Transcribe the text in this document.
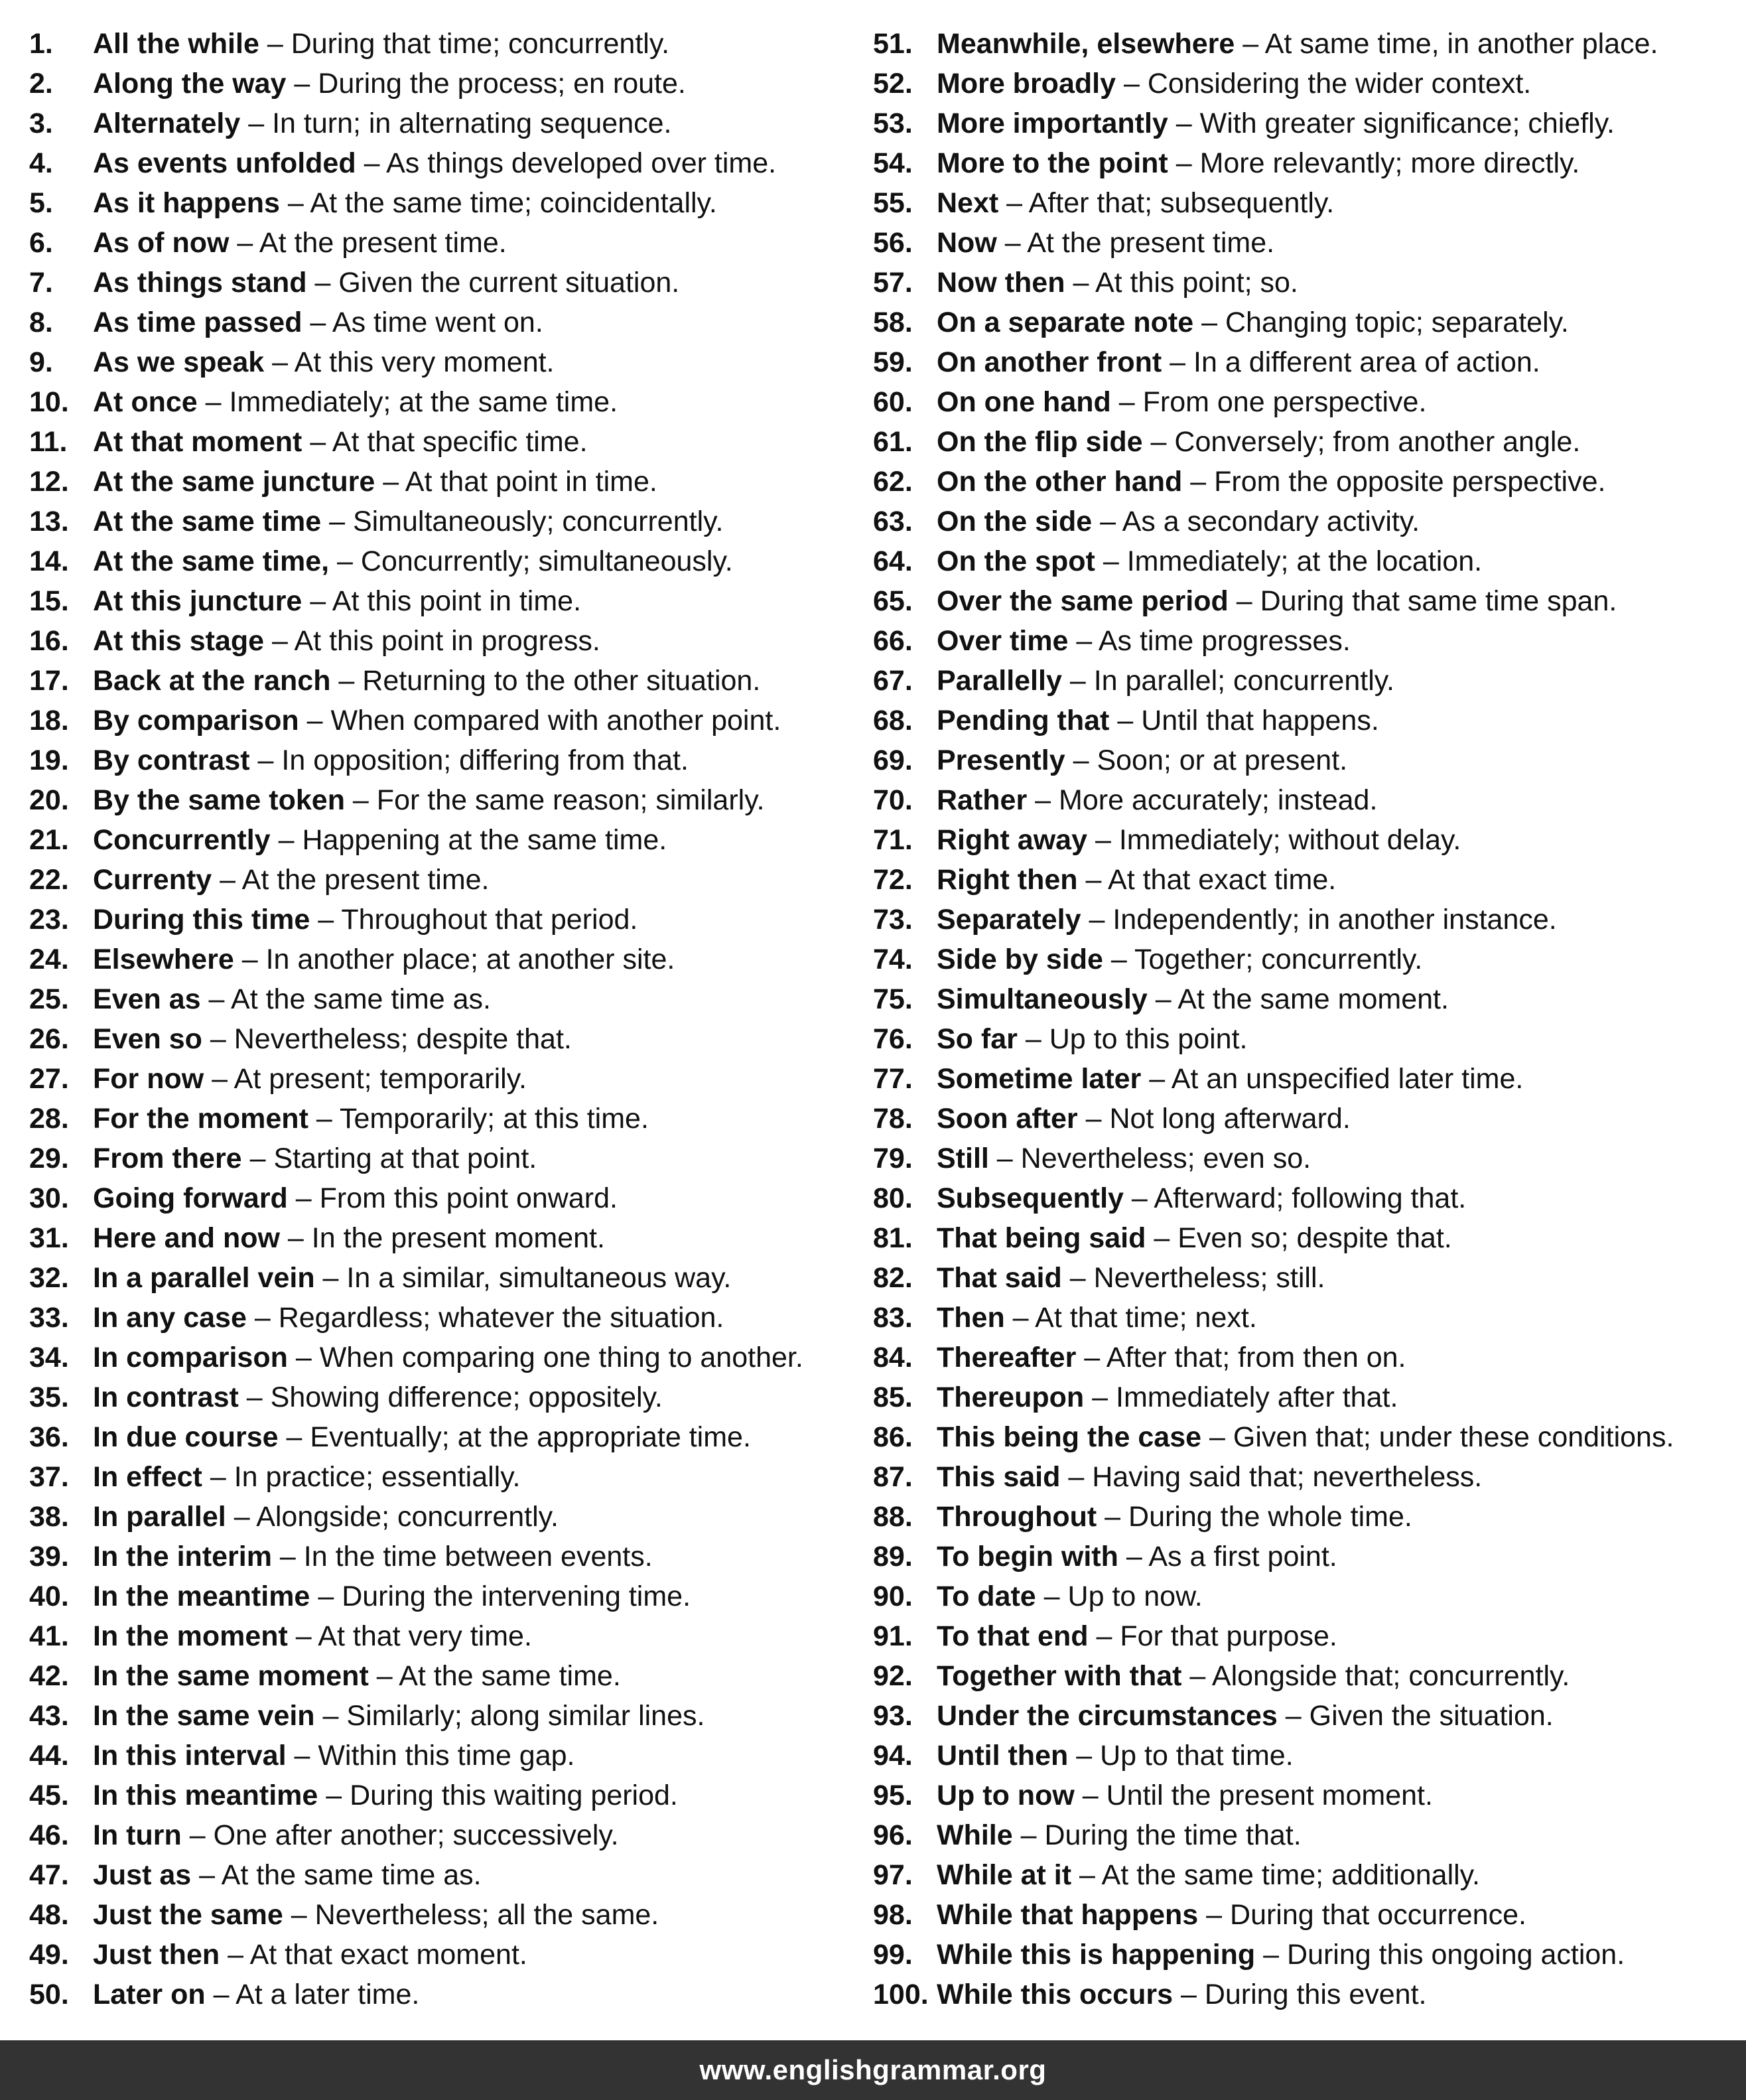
1. All the while – During that time; concurrently.
2. Along the way – During the process; en route.
3. Alternately – In turn; in alternating sequence.
4. As events unfolded – As things developed over time.
5. As it happens – At the same time; coincidentally.
6. As of now – At the present time.
7. As things stand – Given the current situation.
8. As time passed – As time went on.
9. As we speak – At this very moment.
10. At once – Immediately; at the same time.
11. At that moment – At that specific time.
12. At the same juncture – At that point in time.
13. At the same time – Simultaneously; concurrently.
14. At the same time, – Concurrently; simultaneously.
15. At this juncture – At this point in time.
16. At this stage – At this point in progress.
17. Back at the ranch – Returning to the other situation.
18. By comparison – When compared with another point.
19. By contrast – In opposition; differing from that.
20. By the same token – For the same reason; similarly.
21. Concurrently – Happening at the same time.
22. Currenty – At the present time.
23. During this time – Throughout that period.
24. Elsewhere – In another place; at another site.
25. Even as – At the same time as.
26. Even so – Nevertheless; despite that.
27. For now – At present; temporarily.
28. For the moment – Temporarily; at this time.
29. From there – Starting at that point.
30. Going forward – From this point onward.
31. Here and now – In the present moment.
32. In a parallel vein – In a similar, simultaneous way.
33. In any case – Regardless; whatever the situation.
34. In comparison – When comparing one thing to another.
35. In contrast – Showing difference; oppositely.
36. In due course – Eventually; at the appropriate time.
37. In effect – In practice; essentially.
38. In parallel – Alongside; concurrently.
39. In the interim – In the time between events.
40. In the meantime – During the intervening time.
41. In the moment – At that very time.
42. In the same moment – At the same time.
43. In the same vein – Similarly; along similar lines.
44. In this interval – Within this time gap.
45. In this meantime – During this waiting period.
46. In turn – One after another; successively.
47. Just as – At the same time as.
48. Just the same – Nevertheless; all the same.
49. Just then – At that exact moment.
50. Later on – At a later time.
51. Meanwhile, elsewhere – At same time, in another place.
52. More broadly – Considering the wider context.
53. More importantly – With greater significance; chiefly.
54. More to the point – More relevantly; more directly.
55. Next – After that; subsequently.
56. Now – At the present time.
57. Now then – At this point; so.
58. On a separate note – Changing topic; separately.
59. On another front – In a different area of action.
60. On one hand – From one perspective.
61. On the flip side – Conversely; from another angle.
62. On the other hand – From the opposite perspective.
63. On the side – As a secondary activity.
64. On the spot – Immediately; at the location.
65. Over the same period – During that same time span.
66. Over time – As time progresses.
67. Parallelly – In parallel; concurrently.
68. Pending that – Until that happens.
69. Presently – Soon; or at present.
70. Rather – More accurately; instead.
71. Right away – Immediately; without delay.
72. Right then – At that exact time.
73. Separately – Independently; in another instance.
74. Side by side – Together; concurrently.
75. Simultaneously – At the same moment.
76. So far – Up to this point.
77. Sometime later – At an unspecified later time.
78. Soon after – Not long afterward.
79. Still – Nevertheless; even so.
80. Subsequently – Afterward; following that.
81. That being said – Even so; despite that.
82. That said – Nevertheless; still.
83. Then – At that time; next.
84. Thereafter – After that; from then on.
85. Thereupon – Immediately after that.
86. This being the case – Given that; under these conditions.
87. This said – Having said that; nevertheless.
88. Throughout – During the whole time.
89. To begin with – As a first point.
90. To date – Up to now.
91. To that end – For that purpose.
92. Together with that – Alongside that; concurrently.
93. Under the circumstances – Given the situation.
94. Until then – Up to that time.
95. Up to now – Until the present moment.
96. While – During the time that.
97. While at it – At the same time; additionally.
98. While that happens – During that occurrence.
99. While this is happening – During this ongoing action.
100. While this occurs – During this event.
www.englishgrammar.org
